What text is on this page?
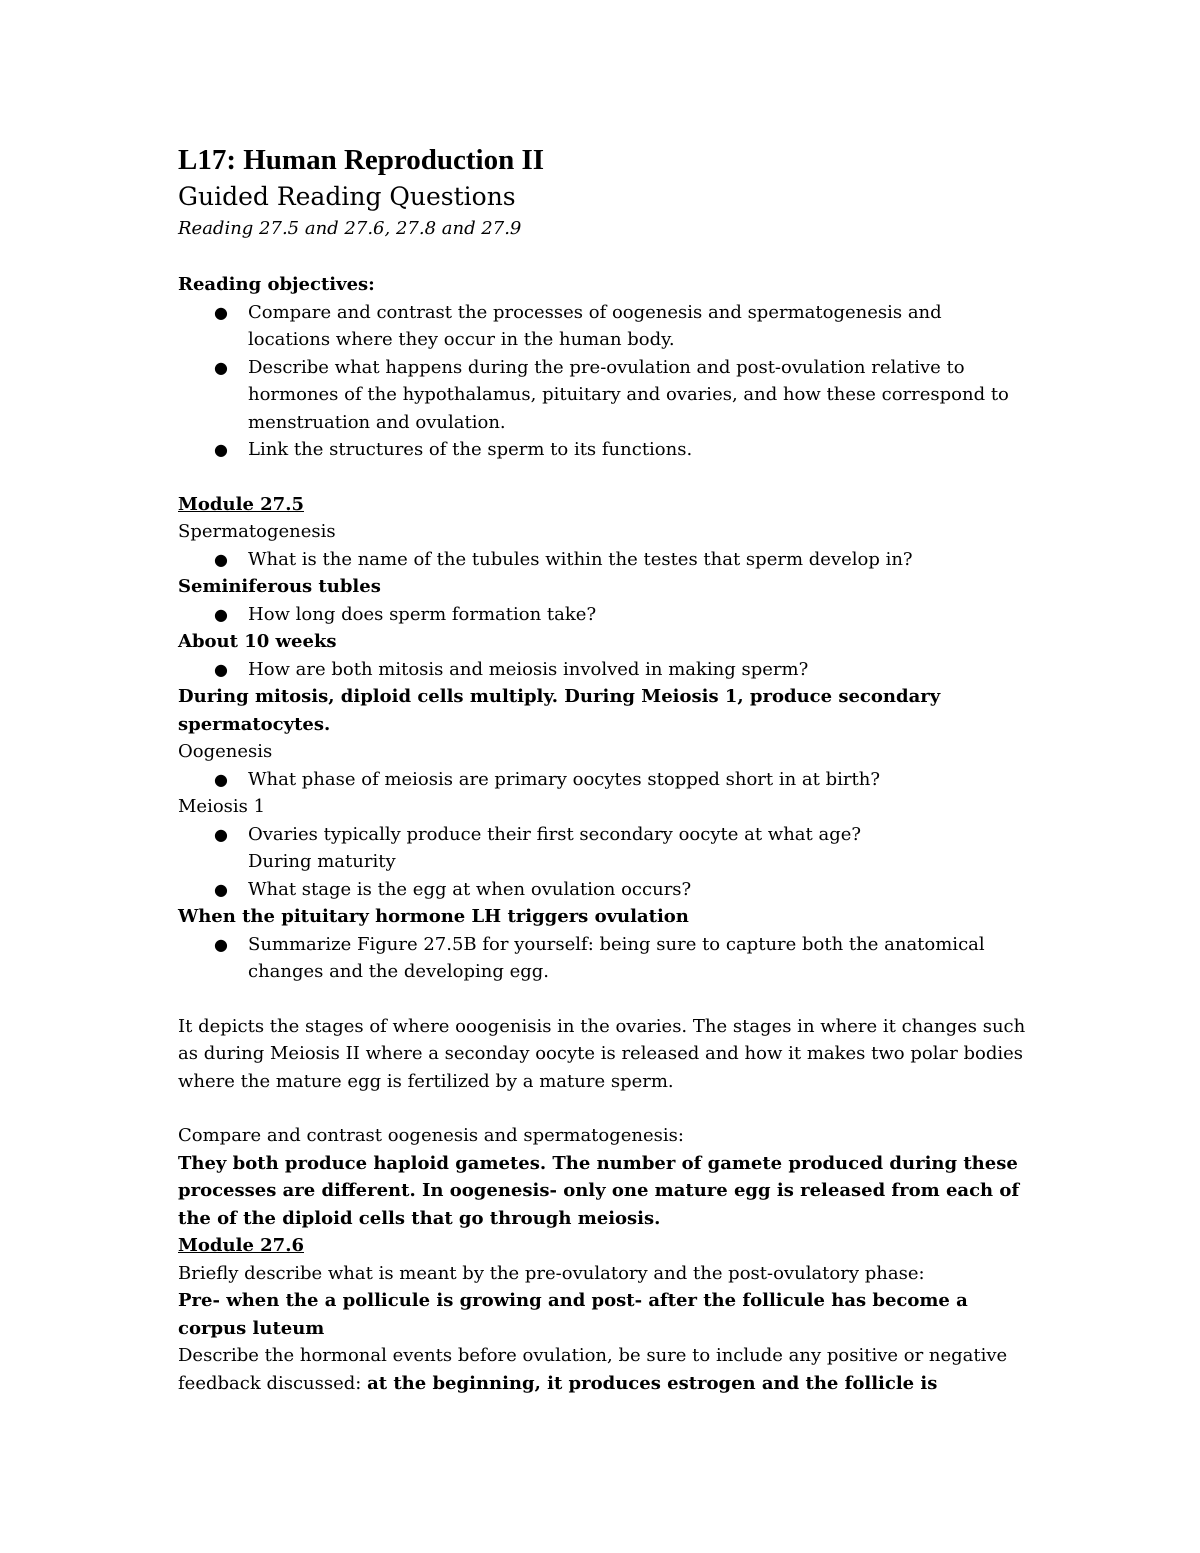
L17: Human Reproduction II
Guided Reading Questions

Reading 27.5 and 27.6, 27.8 and 27.9

Reading objectives:

● Compare and contrast the processes of oogenesis and spermatogenesis and locations where they occur in the human body.
● Describe what happens during the pre-ovulation and post-ovulation relative to hormones of the hypothalamus, pituitary and ovaries, and how these correspond to menstruation and ovulation.
● Link the structures of the sperm to its functions.

Module 27.5

Spermatogenesis

● What is the name of the tubules within the testes that sperm develop in?

Seminiferous tubles

● How long does sperm formation take?

About 10 weeks

● How are both mitosis and meiosis involved in making sperm?

During mitosis, diploid cells multiply. During Meiosis 1, produce secondary spermatocytes.

Oogenesis

● What phase of meiosis are primary oocytes stopped short in at birth?

Meiosis 1

● Ovaries typically produce their first secondary oocyte at what age?

During maturity

● What stage is the egg at when ovulation occurs?

When the pituitary hormone LH triggers ovulation

● Summarize Figure 27.5B for yourself: being sure to capture both the anatomical changes and the developing egg.

It depicts the stages of where ooogenisis in the ovaries. The stages in where it changes such as during Meiosis II where a seconday oocyte is released and how it makes two polar bodies where the mature egg is fertilized by a mature sperm.

Compare and contrast oogenesis and spermatogenesis:

They both produce haploid gametes. The number of gamete produced during these processes are different. In oogenesis- only one mature egg is released from each of the of the diploid cells that go through meiosis.

Module 27.6

Briefly describe what is meant by the pre-ovulatory and the post-ovulatory phase:

Pre- when the a pollicule is growing and post- after the follicule has become a corpus luteum

Describe the hormonal events before ovulation, be sure to include any positive or negative feedback discussed: at the beginning, it produces estrogen and the follicle is
